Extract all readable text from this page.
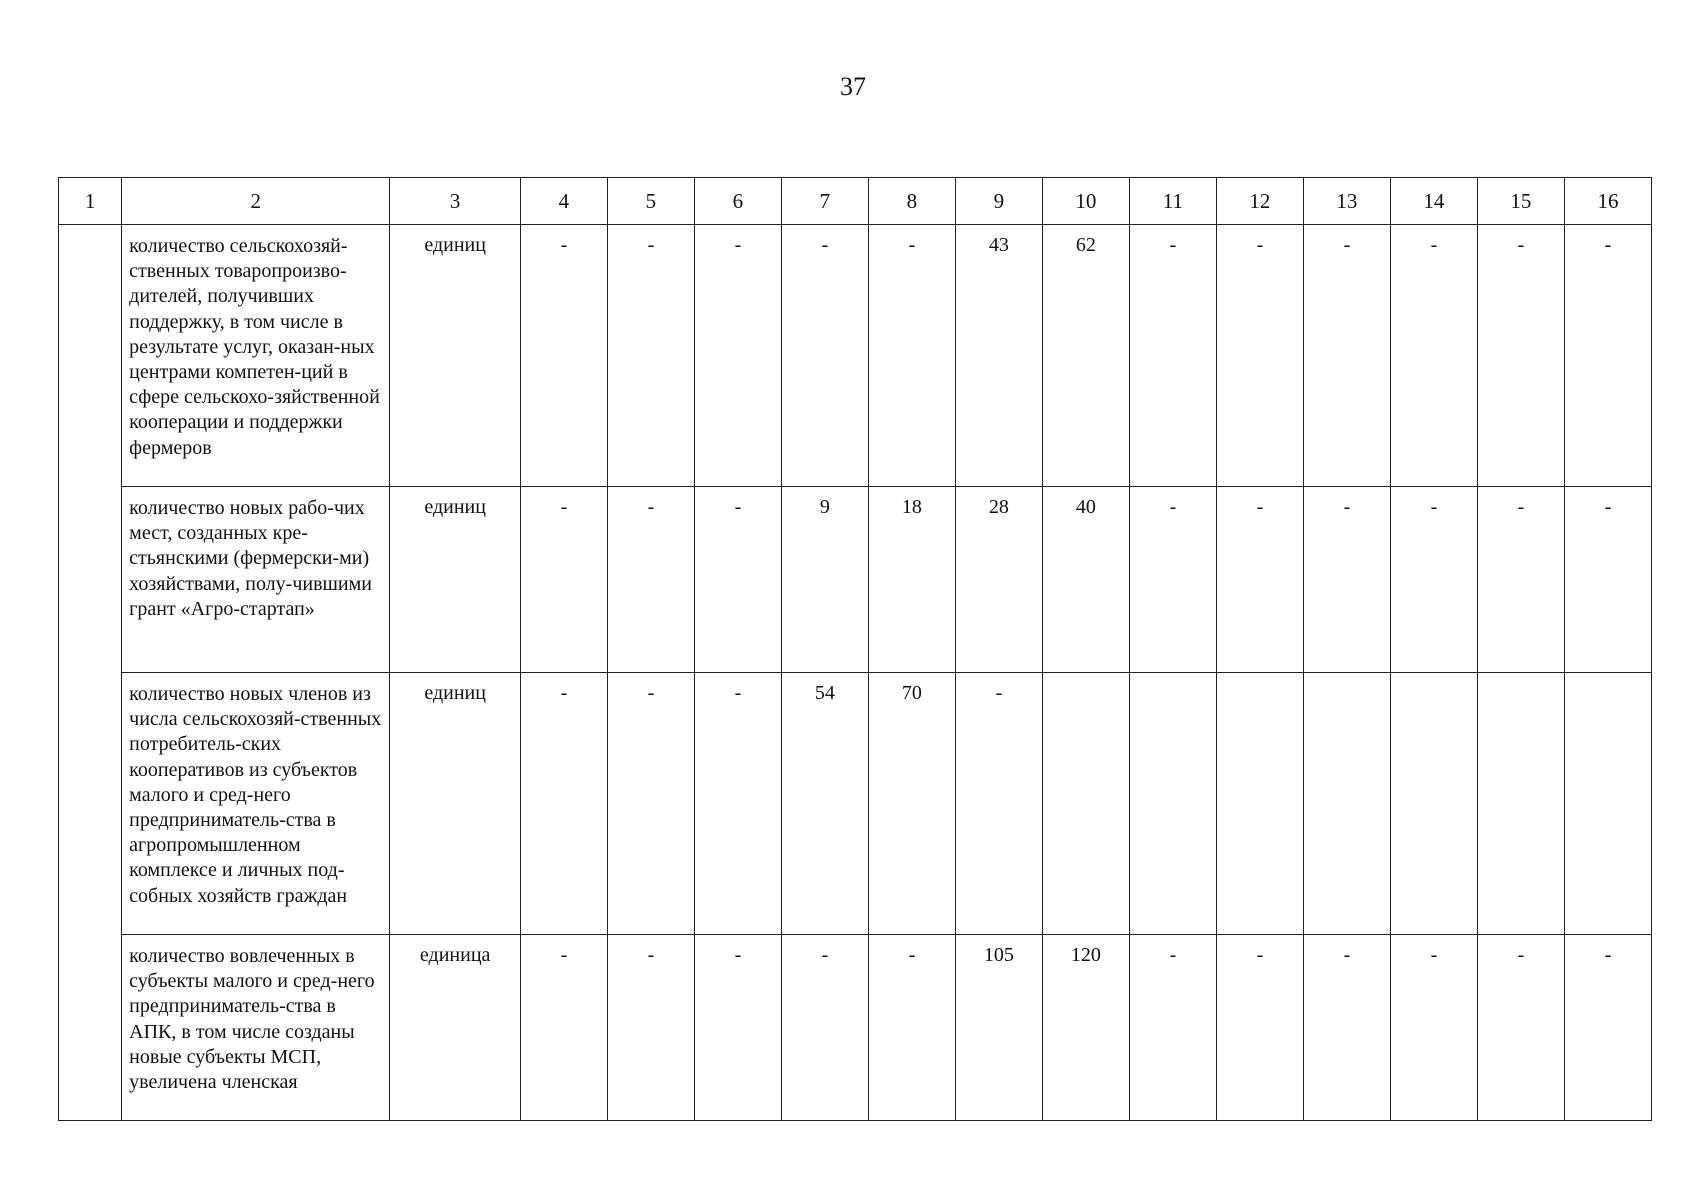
37
1	2	3	4	5	6	7	8	9	10	11	12	13	14	15	16
	количество сельскохозяй-ственных товаропроизво-дителей, получивших поддержку, в том числе в результате услуг, оказан-ных центрами компетен-ций в сфере сельскохо-зяйственной кооперации и поддержки фермеров	единиц	-	-	-	-	-	43	62	-	-	-	-	-	-
	количество новых рабо-чих мест, созданных кре-стьянскими (фермерски-ми) хозяйствами, полу-чившими грант «Агро-стартап»	единиц	-	-	-	9	18	28	40	-	-	-	-	-	-
	количество новых членов из числа сельскохозяй-ственных потребитель-ских кооперативов из субъектов малого и сред-него предприниматель-ства в агропромышленном комплексе и личных под-собных хозяйств граждан	единиц	-	-	-	54	70	-							
	количество вовлеченных в субъекты малого и сред-него предприниматель-ства в АПК, в том числе созданы новые субъекты МСП, увеличена членская	единица	-	-	-	-	-	105	120	-	-	-	-	-	-
